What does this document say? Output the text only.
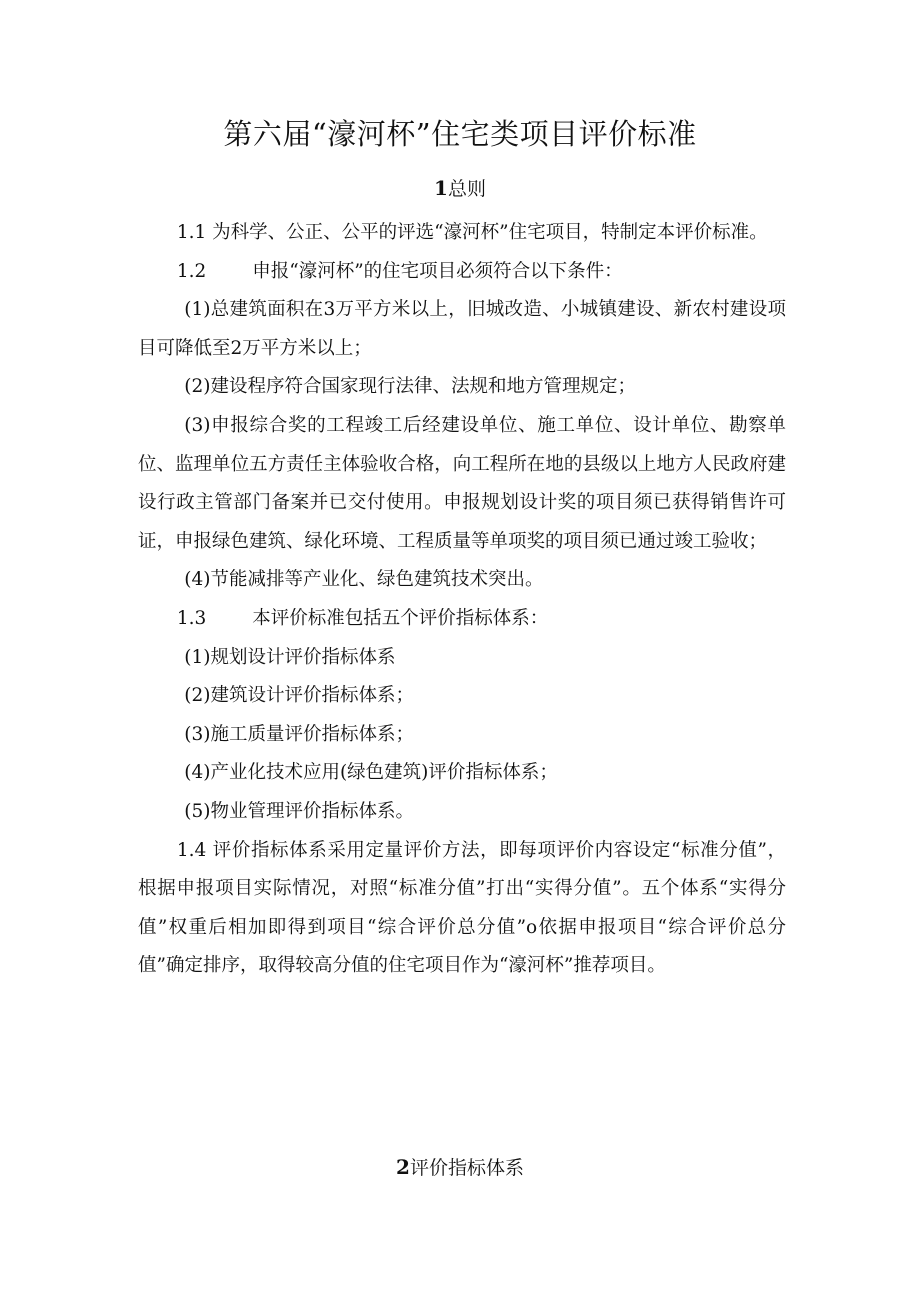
第六届“濠河杯”住宅类项目评价标准
1总则

1.1 为科学、公正、公平的评选“濠河杯”住宅项目，特制定本评价标准。

1.2 申报“濠河杯”的住宅项目必须符合以下条件：

(1)总建筑面积在3万平方米以上，旧城改造、小城镇建设、新农村建设项目可降低至2万平方米以上；

(2)建设程序符合国家现行法律、法规和地方管理规定；

(3)申报综合奖的工程竣工后经建设单位、施工单位、设计单位、勘察单位、监理单位五方责任主体验收合格，向工程所在地的县级以上地方人民政府建设行政主管部门备案并已交付使用。申报规划设计奖的项目须已获得销售许可证，申报绿色建筑、绿化环境、工程质量等单项奖的项目须已通过竣工验收；

(4)节能减排等产业化、绿色建筑技术突出。

1.3 本评价标准包括五个评价指标体系：

(1)规划设计评价指标体系

(2)建筑设计评价指标体系；

(3)施工质量评价指标体系；

(4)产业化技术应用(绿色建筑)评价指标体系；

(5)物业管理评价指标体系。

1.4 评价指标体系采用定量评价方法，即每项评价内容设定“标准分值”，根据申报项目实际情况，对照“标准分值”打出“实得分值”。五个体系“实得分值”权重后相加即得到项目“综合评价总分值”o依据申报项目“综合评价总分值”确定排序，取得较高分值的住宅项目作为“濠河杯”推荐项目。

2评价指标体系
